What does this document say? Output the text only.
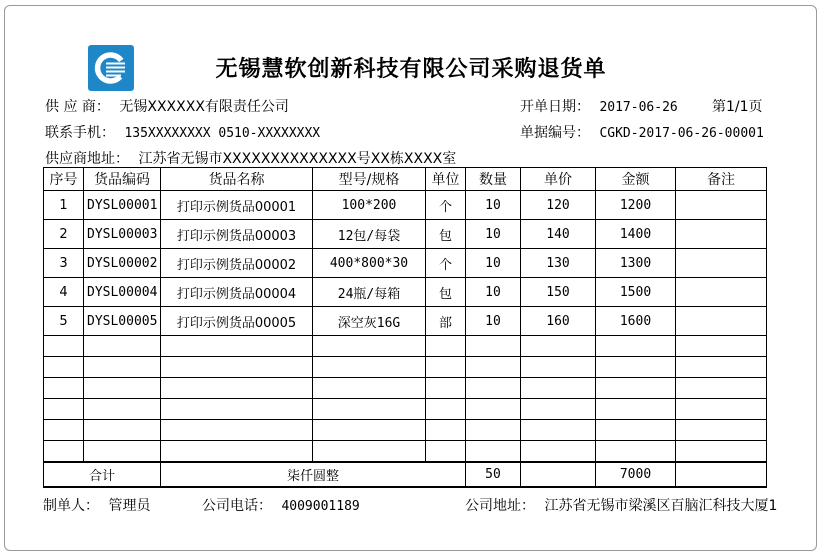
无锡慧软创新科技有限公司采购退货单
供 应 商： 无锡XXXXXX有限责任公司	开单日期： 2017-06-26 第1/1页
联系手机： 135XXXXXXXX 0510-XXXXXXXX	单据编号： CGKD-2017-06-26-00001
供应商地址： 江苏省无锡市XXXXXXXXXXXXXX号XX栋XXXX室
序号	货品编码	货品名称	型号/规格	单位	数量	单价	金额	备注
1	DYSL00001	打印示例货品00001	100*200	个	10	120	1200	
2	DYSL00003	打印示例货品00003	12包/每袋	包	10	140	1400	
3	DYSL00002	打印示例货品00002	400*800*30	个	10	130	1300	
4	DYSL00004	打印示例货品00004	24瓶/每箱	包	10	150	1500	
5	DYSL00005	打印示例货品00005	深空灰16G	部	10	160	1600	

合计		柒仟圆整			50		7000	
制单人： 管理员	公司电话： 4009001189	公司地址： 江苏省无锡市梁溪区百脑汇科技大厦1
